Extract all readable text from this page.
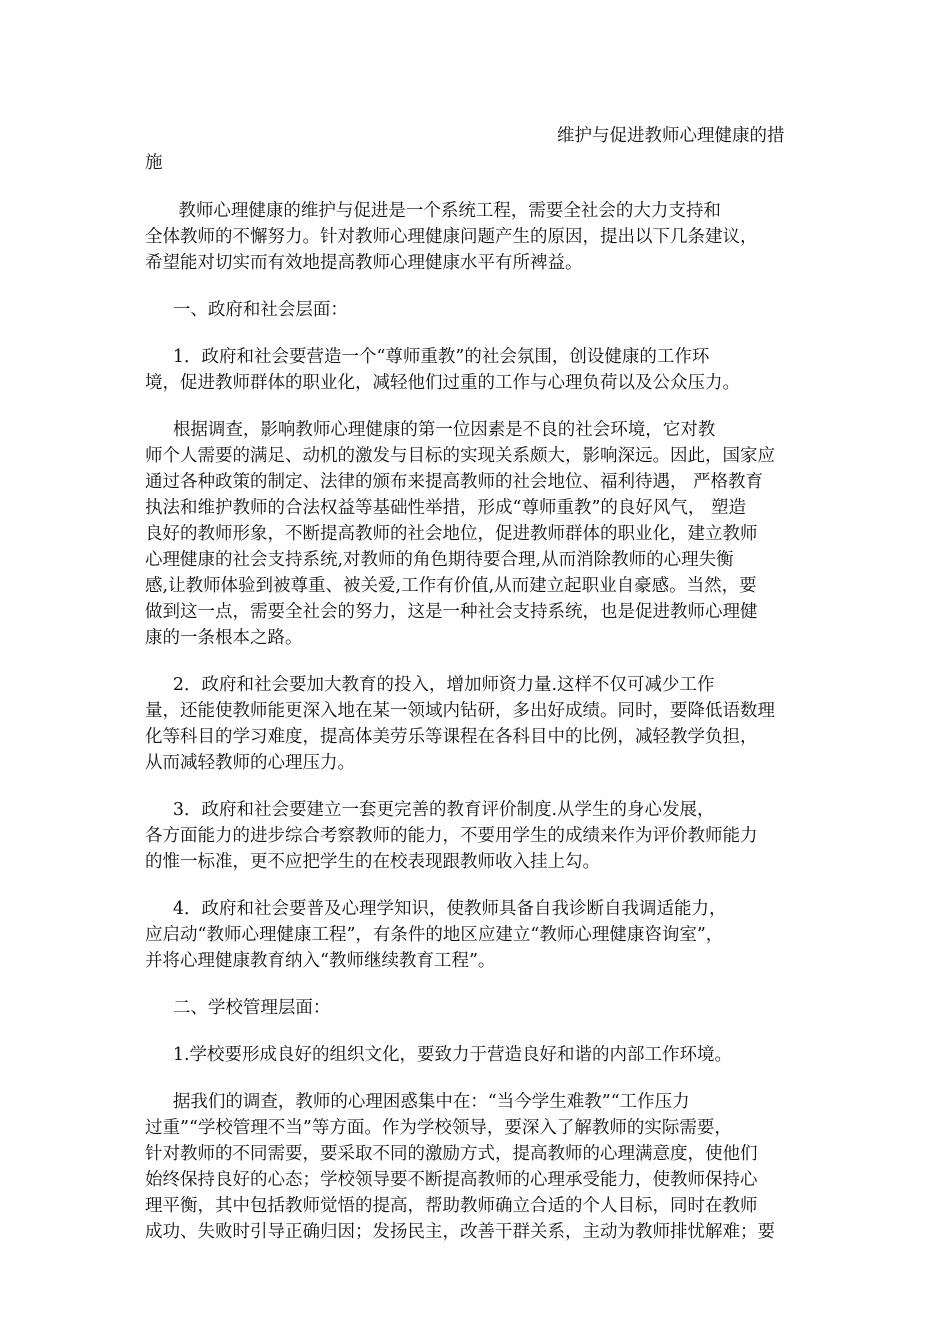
维护与促进教师心理健康的措
施
教师心理健康的维护与促进是一个系统工程，需要全社会的大力支持和
全体教师的不懈努力。针对教师心理健康问题产生的原因，提出以下几条建议，
希望能对切实而有效地提高教师心理健康水平有所裨益。
一、政府和社会层面：
1．政府和社会要营造一个“尊师重教”的社会氛围，创设健康的工作环
境，促进教师群体的职业化，减轻他们过重的工作与心理负荷以及公众压力。
根据调查，影响教师心理健康的第一位因素是不良的社会环境，它对教
师个人需要的满足、动机的激发与目标的实现关系颇大，影响深远。因此，国家应
通过各种政策的制定、法律的颁布来提高教师的社会地位、福利待遇， 严格教育
执法和维护教师的合法权益等基础性举措，形成“尊师重教”的良好风气， 塑造
良好的教师形象，不断提高教师的社会地位，促进教师群体的职业化，建立教师
心理健康的社会支持系统,对教师的角色期待要合理,从而消除教师的心理失衡
感,让教师体验到被尊重、被关爱,工作有价值,从而建立起职业自豪感。当然，要
做到这一点，需要全社会的努力，这是一种社会支持系统，也是促进教师心理健
康的一条根本之路。
2．政府和社会要加大教育的投入，增加师资力量.这样不仅可减少工作
量，还能使教师能更深入地在某一领域内钻研，多出好成绩。同时，要降低语数理
化等科目的学习难度，提高体美劳乐等课程在各科目中的比例，减轻教学负担，
从而减轻教师的心理压力。
3．政府和社会要建立一套更完善的教育评价制度.从学生的身心发展，
各方面能力的进步综合考察教师的能力，不要用学生的成绩来作为评价教师能力
的惟一标准，更不应把学生的在校表现跟教师收入挂上勾。
4．政府和社会要普及心理学知识，使教师具备自我诊断自我调适能力，
应启动“教师心理健康工程”，有条件的地区应建立“教师心理健康咨询室”，
并将心理健康教育纳入“教师继续教育工程”。
二、学校管理层面：
1.学校要形成良好的组织文化，要致力于营造良好和谐的内部工作环境。
据我们的调查，教师的心理困惑集中在：“当今学生难教”“工作压力
过重”“学校管理不当”等方面。作为学校领导，要深入了解教师的实际需要，
针对教师的不同需要，要采取不同的激励方式，提高教师的心理满意度，使他们
始终保持良好的心态；学校领导要不断提高教师的心理承受能力，使教师保持心
理平衡，其中包括教师觉悟的提高，帮助教师确立合适的个人目标，同时在教师
成功、失败时引导正确归因；发扬民主，改善干群关系，主动为教师排忧解难；要
